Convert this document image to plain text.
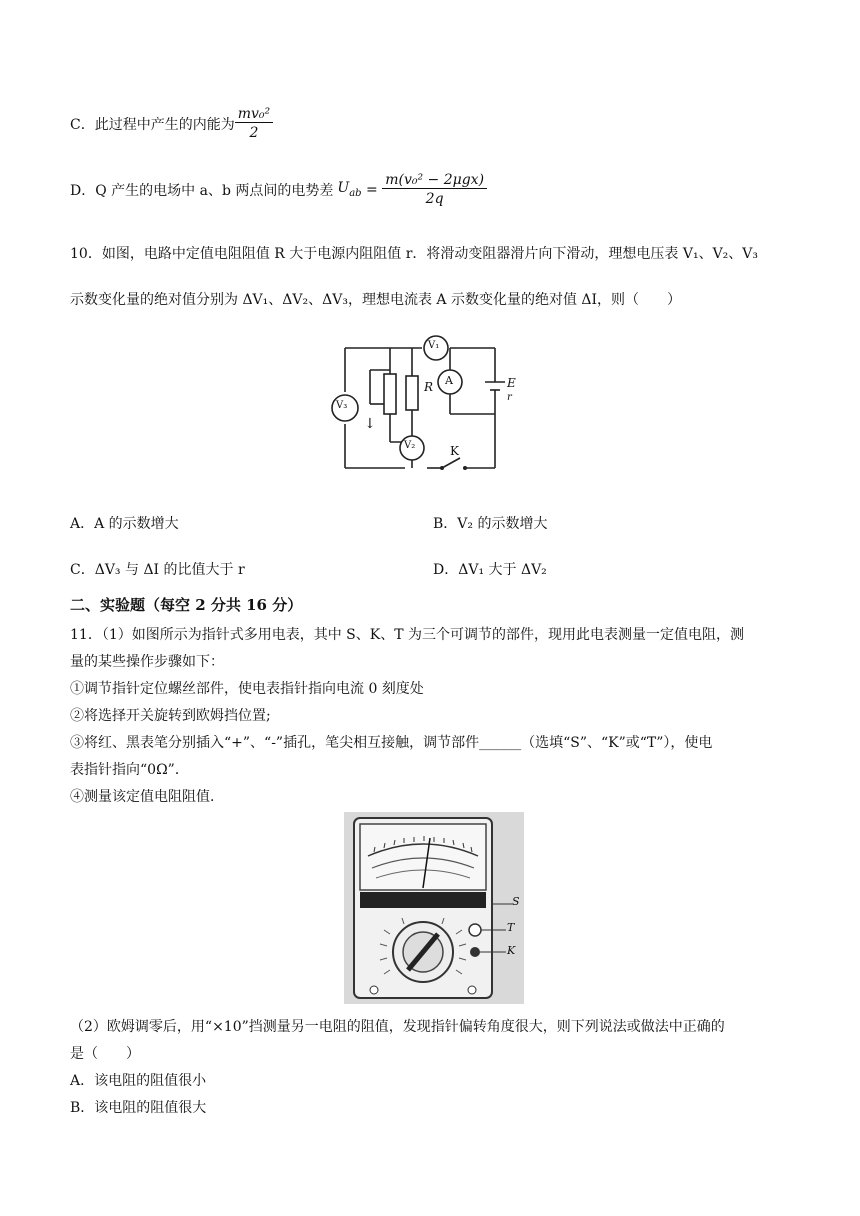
C．此过程中产生的内能为 $\frac{\text{mv₀²}}{2}$
D．Q 产生的电场中 a、b 两点间的电势差 $U_{ab} = \frac{\text{m(v₀² − 2μgx)}}{2q}$
10．如图，电路中定值电阻阻值 R 大于电源内阻阻值 r．将滑动变阻器滑片向下滑动，理想电压表 V₁、V₂、V₃
示数变化量的绝对值分别为 ΔV₁、ΔV₂、ΔV₃，理想电流表 A 示数变化量的绝对值 ΔI，则（　　）
V₁
A
V₃
V₂
R	E
r
K
↓
A．A 的示数增大	B．V₂ 的示数增大
C．ΔV₃ 与 ΔI 的比值大于 r	D．ΔV₁ 大于 ΔV₂
二、实验题（每空 2 分共 16 分）
11．（1）如图所示为指针式多用电表，其中 S、K、T 为三个可调节的部件，现用此电表测量一定值电阻，测
量的某些操作步骤如下：
①调节指针定位螺丝部件，使电表指针指向电流 0 刻度处
②将选择开关旋转到欧姆挡位置;
③将红、黑表笔分别插入“+”、“-”插孔，笔尖相互接触，调节部件______（选填“S”、“K”或“T”），使电
表指针指向“0Ω”．
④测量该定值电阻阻值．
S
T
K
（2）欧姆调零后，用“×10”挡测量另一电阻的阻值，发现指针偏转角度很大，则下列说法或做法中正确的
是（　　）
A．该电阻的阻值很小
B．该电阻的阻值很大
